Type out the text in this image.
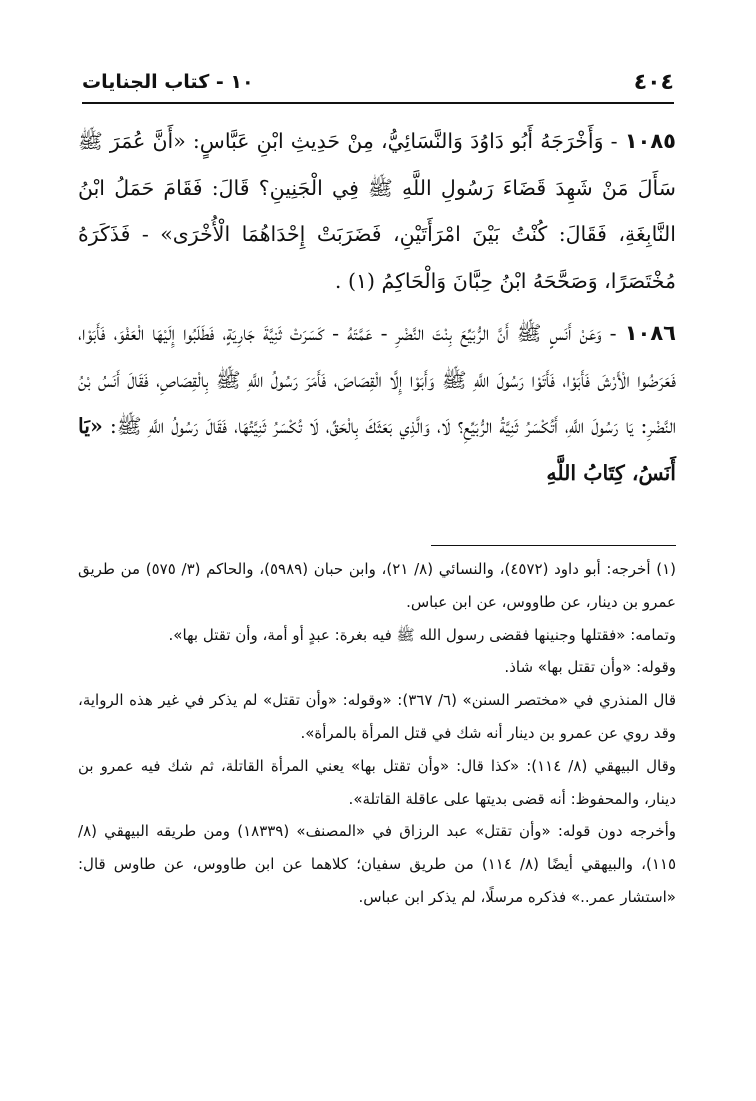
٤٠٤
١٠ - كتاب الجنايات

١٠٨٥ - وَأَخْرَجَهُ أَبُو دَاوُدَ وَالنَّسَائِيُّ، مِنْ حَدِيثِ ابْنِ عَبَّاسٍ: «أَنَّ عُمَرَ ﷺ سَأَلَ مَنْ شَهِدَ قَضَاءَ رَسُولِ اللَّهِ ﷺ فِي الْجَنِينِ؟ قَالَ: فَقَامَ حَمَلُ ابْنُ النَّابِغَةِ، فَقَالَ: كُنْتُ بَيْنَ امْرَأَتَيْنِ، فَضَرَبَتْ إِحْدَاهُمَا الْأُخْرَى» - فَذَكَرَهُ مُخْتَصَرًا، وَصَحَّحَهُ ابْنُ حِبَّانَ وَالْحَاكِمُ (١) .

١٠٨٦ - وَعَنْ أَنَسٍ ﷺ أَنَّ الرُّبَيِّعَ بِنْتَ النَّضْرِ - عَمَّتَهُ - كَسَرَتْ ثَنِيَّةَ جَارِيَةٍ، فَطَلَبُوا إِلَيْهَا الْعَفْوَ، فَأَبَوْا، فَعَرَضُوا الْأَرْشَ فَأَبَوْا، فَأَتَوْا رَسُولَ اللَّهِ ﷺ وَأَبَوْا إِلَّا الْقِصَاصَ، فَأَمَرَ رَسُولُ اللَّهِ ﷺ بِالْقِصَاصِ، فَقَالَ أَنَسُ بْنُ النَّضْرِ: يَا رَسُولَ اللَّهِ، أَتُكْسَرُ ثَنِيَّةُ الرُّبَيِّعِ؟ لَا، وَالَّذِي بَعَثَكَ بِالْحَقِّ، لَا تُكْسَرُ ثَنِيَّتُهَا، فَقَالَ رَسُولُ اللَّهِ ﷺ: «يَا أَنَسُ، كِتَابُ اللَّهِ

(١) أخرجه: أبو داود (٤٥٧٢)، والنسائي (٨/ ٢١)، وابن حبان (٥٩٨٩)، والحاكم (٣/ ٥٧٥) من طريق عمرو بن دينار، عن طاووس، عن ابن عباس.

وتمامه: «فقتلها وجنينها فقضى رسول الله ﷺ فيه بغرة: عبدٍ أو أمة، وأن تقتل بها».

وقوله: «وأن تقتل بها» شاذ.

قال المنذري في «مختصر السنن» (٦/ ٣٦٧): «وقوله: «وأن تقتل» لم يذكر في غير هذه الرواية، وقد روي عن عمرو بن دينار أنه شك في قتل المرأة بالمرأة».

وقال البيهقي (٨/ ١١٤): «كذا قال: «وأن تقتل بها» يعني المرأة القاتلة، ثم شك فيه عمرو بن دينار، والمحفوظ: أنه قضى بديتها على عاقلة القاتلة».

وأخرجه دون قوله: «وأن تقتل» عبد الرزاق في «المصنف» (١٨٣٣٩) ومن طريقه البيهقي (٨/ ١١٥)، والبيهقي أيضًا (٨/ ١١٤) من طريق سفيان؛ كلاهما عن ابن طاووس، عن طاوس قال: «استشار عمر..» فذكره مرسلًا، لم يذكر ابن عباس.
